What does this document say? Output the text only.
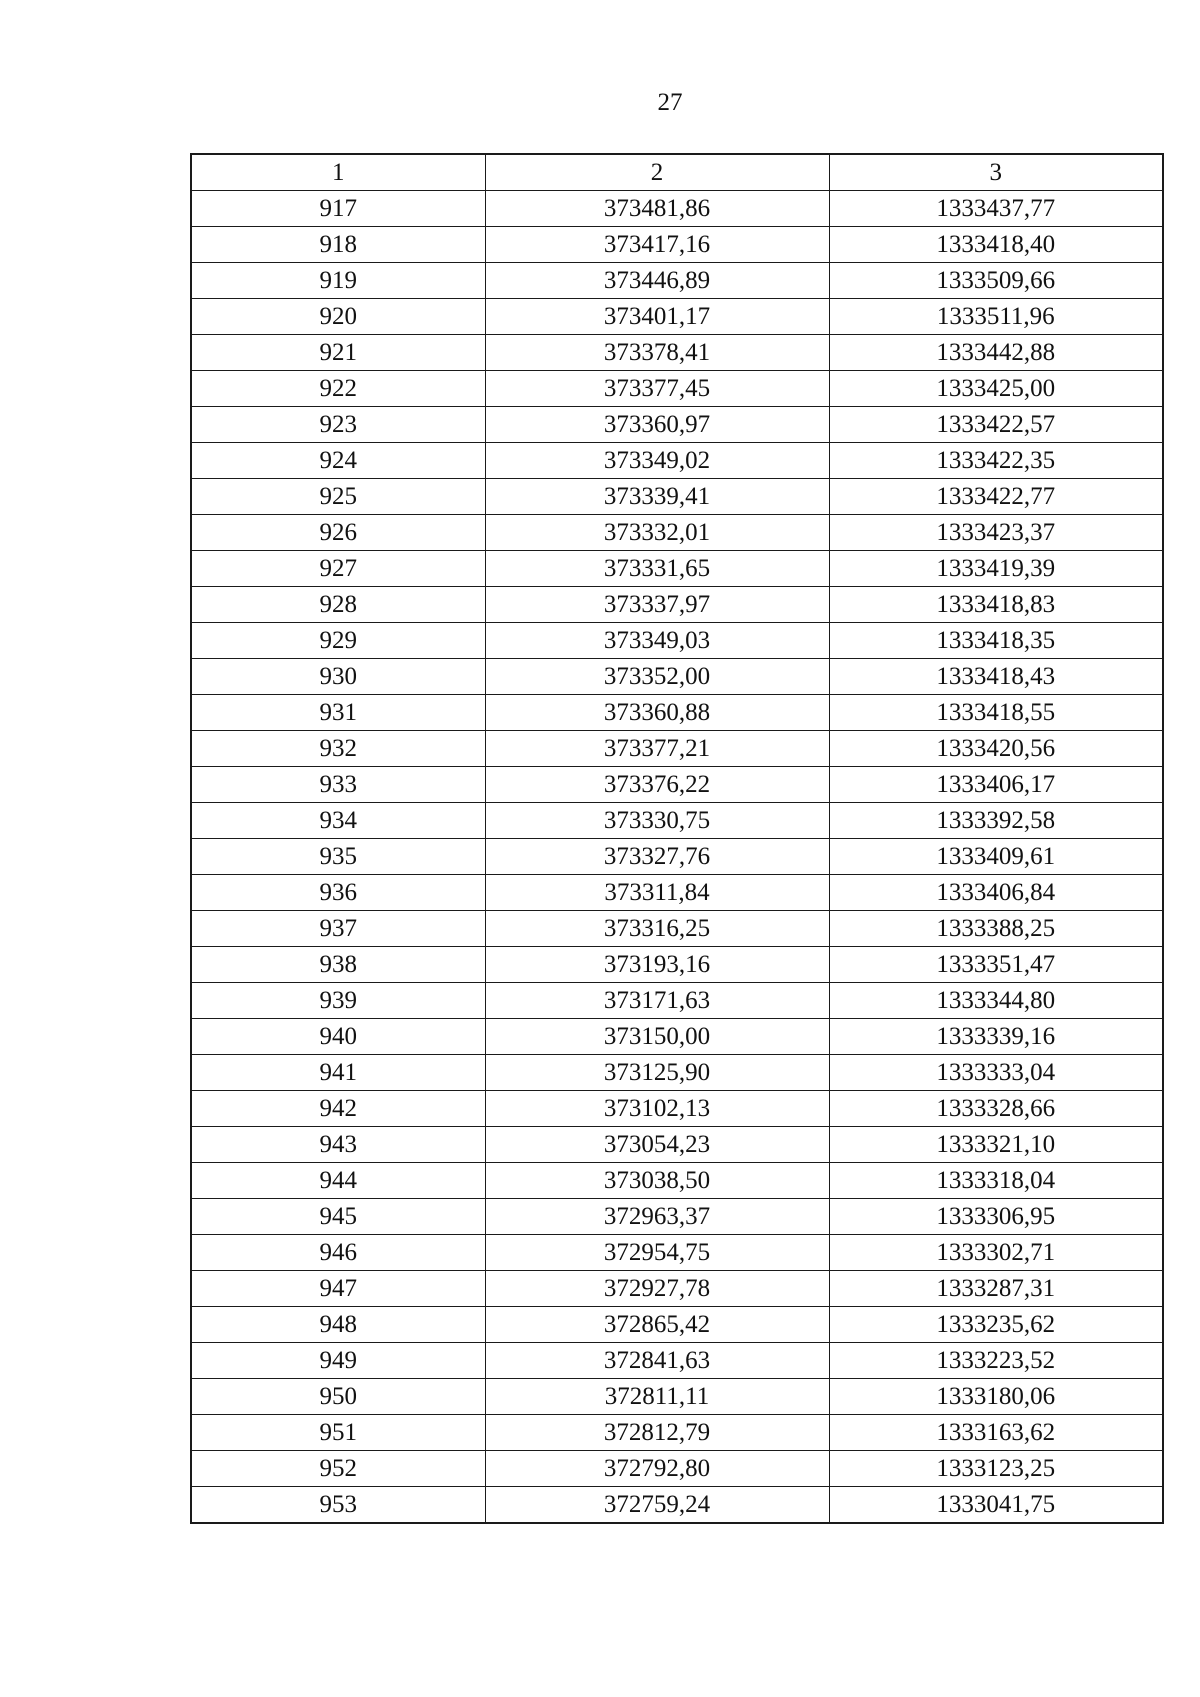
27
1	2	3
917	373481,86	1333437,77
918	373417,16	1333418,40
919	373446,89	1333509,66
920	373401,17	1333511,96
921	373378,41	1333442,88
922	373377,45	1333425,00
923	373360,97	1333422,57
924	373349,02	1333422,35
925	373339,41	1333422,77
926	373332,01	1333423,37
927	373331,65	1333419,39
928	373337,97	1333418,83
929	373349,03	1333418,35
930	373352,00	1333418,43
931	373360,88	1333418,55
932	373377,21	1333420,56
933	373376,22	1333406,17
934	373330,75	1333392,58
935	373327,76	1333409,61
936	373311,84	1333406,84
937	373316,25	1333388,25
938	373193,16	1333351,47
939	373171,63	1333344,80
940	373150,00	1333339,16
941	373125,90	1333333,04
942	373102,13	1333328,66
943	373054,23	1333321,10
944	373038,50	1333318,04
945	372963,37	1333306,95
946	372954,75	1333302,71
947	372927,78	1333287,31
948	372865,42	1333235,62
949	372841,63	1333223,52
950	372811,11	1333180,06
951	372812,79	1333163,62
952	372792,80	1333123,25
953	372759,24	1333041,75
